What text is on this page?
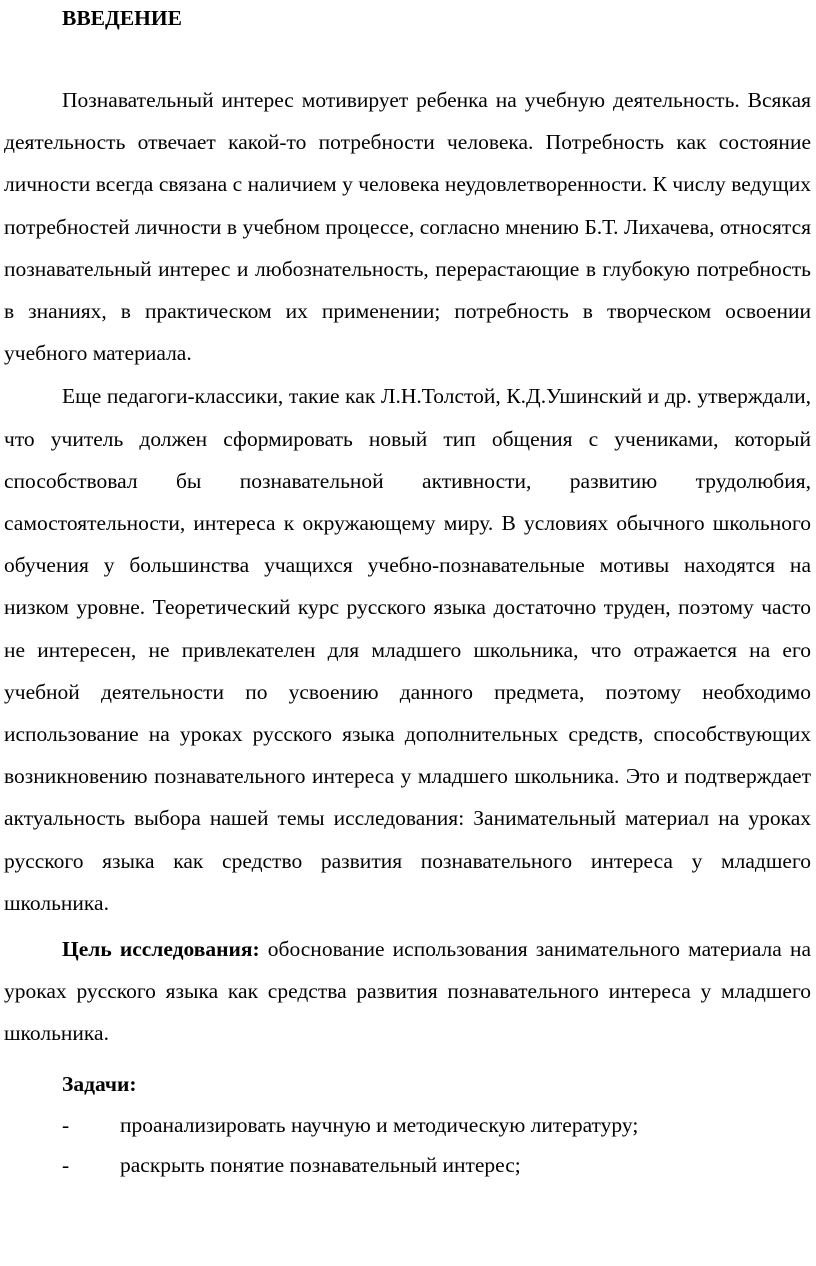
ВВЕДЕНИЕ

Познавательный интерес мотивирует ребенка на учебную деятельность. Всякая деятельность отвечает какой-то потребности человека. Потребность как состояние личности всегда связана с наличием у человека неудовлетворенности. К числу ведущих потребностей личности в учебном процессе, согласно мнению Б.Т. Лихачева, относятся познавательный интерес и любознательность, перерастающие в глубокую потребность в знаниях, в практическом их применении; потребность в творческом освоении учебного материала.

Еще педагоги-классики, такие как Л.Н.Толстой, К.Д.Ушинский и др. утверждали, что учитель должен сформировать новый тип общения с учениками, который способствовал бы познавательной активности, развитию трудолюбия, самостоятельности, интереса к окружающему миру. В условиях обычного школьного обучения у большинства учащихся учебно-познавательные мотивы находятся на низком уровне. Теоретический курс русского языка достаточно труден, поэтому часто не интересен, не привлекателен для младшего школьника, что отражается на его учебной деятельности по усвоению данного предмета, поэтому необходимо использование на уроках русского языка дополнительных средств, способствующих возникновению познавательного интереса у младшего школьника. Это и подтверждает актуальность выбора нашей темы исследования: Занимательный материал на уроках русского языка как средство развития познавательного интереса у младшего школьника.

Цель исследования: обоснование использования занимательного материала на уроках русского языка как средства развития познавательного интереса у младшего школьника.

Задачи:

-	проанализировать научную и методическую литературу;
-	раскрыть понятие познавательный интерес;
